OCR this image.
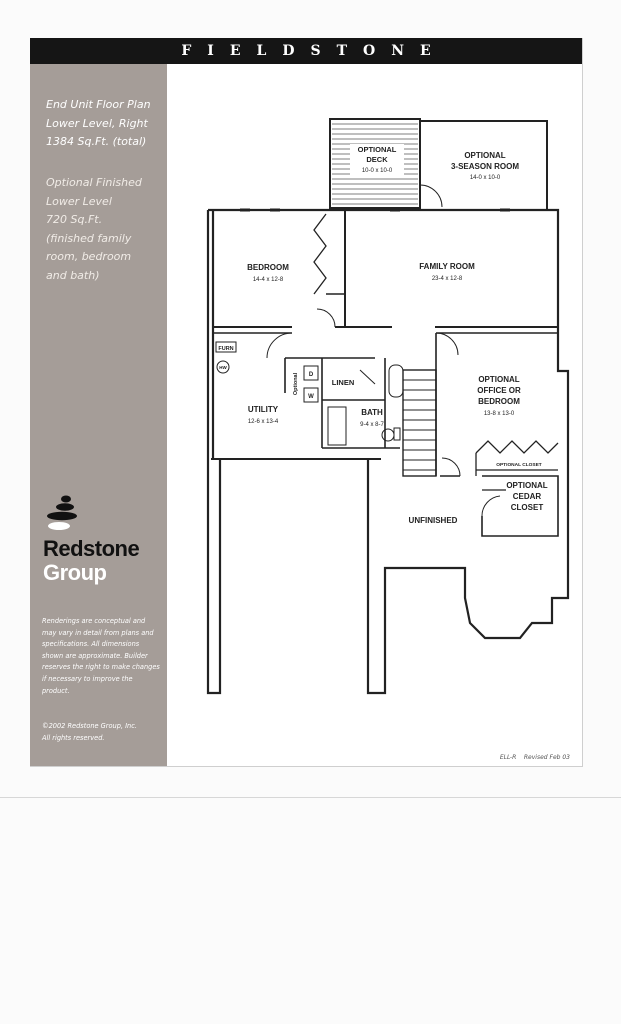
FIELDSTONE
End Unit Floor Plan
Lower Level, Right
1384 Sq.Ft. (total)
Optional Finished
Lower Level
720 Sq.Ft.
(finished family
room, bedroom
and bath)
Redstone
Group
Renderings are conceptual and may vary in detail from plans and specifications. All dimensions shown are approximate. Builder reserves the right to make changes if necessary to improve the product.
©2002 Redstone Group, Inc.
All rights reserved.
OPTIONAL
DECK
10-0 x 10-0
OPTIONAL
3-SEASON ROOM
14-0 x 10-0
BEDROOM
14-4 x 12-8
FAMILY ROOM
23-4 x 12-8
FURN
HW
D
W
Optional	LINEN
UTILITY
12-6 x 13-4
BATH
9-4 x 8-7
OPTIONAL
OFFICE OR
BEDROOM
13-8 x 13-0
OPTIONAL CLOSET
OPTIONAL
CEDAR
CLOSET
UNFINISHED
ELL-R Revised Feb 03
